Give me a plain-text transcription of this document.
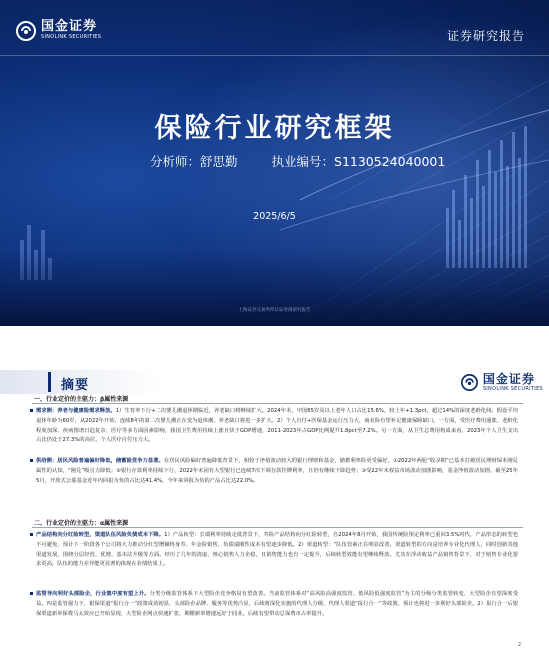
国金证券
SINOLINK SECURITIES	证券研究报告
保险行业研究框架
分析师：舒思勤	执业编号：S1130524040001
2025/6/5
上海证券交易所所认证券商研究报告
摘要	国金证券
SINOLINK SECURITIES
一、行业定价的主驱力：β属性来源
需求侧：养老与健康险需求释放。1）生育率下行+二次婴儿潮退休期临近，养老缺口将继续扩大。2024年末，中国65岁及以上老年人口占比15.6%，较上年+1.3pct，超过14%的深度老龄化线；假设平均退休年龄为60岁，从2022年开始，连续8年的第二次婴儿潮正在变为退休潮，养老缺口将进一步扩大。2）个人自付+医保基金运行压力大，商业险有望补足健康保障缺口。一方面，受医疗费用通胀、老龄化程度加深、疾病图谱日趋复杂、医疗等多方面因素影响，我国卫生费用持续上涨且快于GDP增速，2011-2023年占GDP比例提升1.8pct至7.2%。另一方面，从卫生总费用构成来看，2023年个人卫生支出占比仍处于27.3%的高位，个人医疗自付压力大。
供给侧：居民风险普遍偏好降低，储蓄险竞争力显著。在居民风险偏好普遍降低背景下，相较于净值波动较大的银行理财和基金，储蓄利率险更受偏好。①2022年两轮“收录期”已基本打破居民理财保本刚兑属性的认知，“刚兑”吸引力降低；②银行存款利率持续下行，2022年末固有大型银行已连续7次下调存款挂牌利率，且仍有继续下降趋势；③受22年末权益市场波动加剧影响，基金净值波动加剧，截至25年5月，开放式公募基金近年内回报为负的占比达41.4%，今年来回报为负的产品占比达22.0%。
二、行业定价的主驱力：α属性来源
产品结构向分红险转型，渠道队伍风险负债成本下降。1）产品转型：长端利率持续走低背景下，寿险产品结构向分红险转型，自2024年8月开始，我国传统险预定利率已重回3.5%时代，产品形态的转型也不可避免，预计下一阶段各个公司将大力推动分红型增额终身寿、年金险销售，负债端刚性成本有望逐步降低。2）渠道转型：“队伍管素正在明显改善，渠道转型的方向是培养专业化代理人，同时创新其他渠道发展，围绕分层经营、优增、基本法升级等方面。经历了几年的清虚，核心销售人力企稳，且销售能力也有一定提升，后续转型效能有望继续释放。尤其在浮动收益产品销售背景下，对于销售专业化要求更高，队伍的能力差异能更显著的体现在业绩结果上。
监管导向利好头部险企，行业集中度有望上升。分类分级监管体系下大型险企竞争格局有望改善。当前监管体系对“高风险高强度监管、低风险低强度监管”为主的分级分类监管转变，大型险企有望深度受益。四是监管强力下，银保渠道“报行合一”政策成效初显，头部险企品牌、服务等优势凸显，后续将深化实施的代理人分级、代理人渠道“报行合一”等政策，预计也将进一步利好头部险企。2）报行合一后银保渠道新单保费马太效应已开始显现，大型险企网点快速扩张，期缴新单增速远好于同业，后续有望带动总保费市占率提升。
2
